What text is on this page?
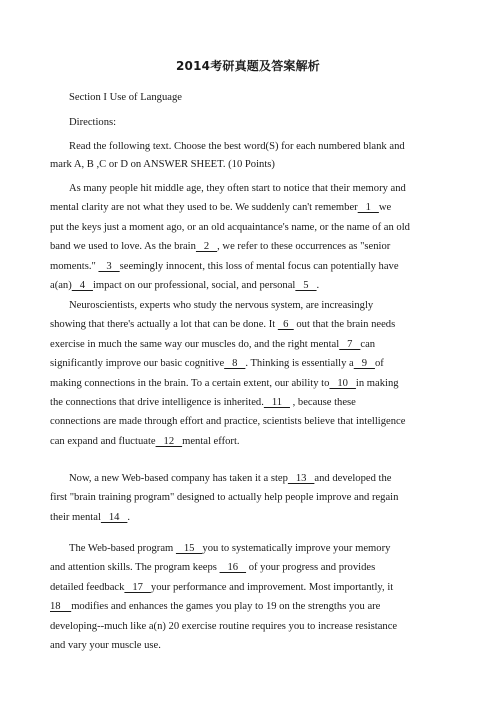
2014考研真题及答案解析
Section I Use of Language
Directions:
Read the following text. Choose the best word(S) for each numbered blank and
mark A, B ,C or D on ANSWER SHEET. (10 Points)
As many people hit middle age, they often start to notice that their memory and
mental clarity are not what they used to be. We suddenly can't remember   1   we
put the keys just a moment ago, or an old acquaintance's name, or the name of an old
band we used to love. As the brain   2   , we refer to these occurrences as "senior
moments."    3   seemingly innocent, this loss of mental focus can potentially have
a(an)   4   impact on our professional, social, and personal   5   .
Neuroscientists, experts who study the nervous system, are increasingly
showing that there's actually a lot that can be done. It   6   out that the brain needs
exercise in much the same way our muscles do, and the right mental   7   can
significantly improve our basic cognitive   8   . Thinking is essentially a   9   of
making connections in the brain. To a certain extent, our ability to   10   in making
the connections that drive intelligence is inherited.   11    , because these
connections are made through effort and practice, scientists believe that intelligence
can expand and fluctuate   12   mental effort.
Now, a new Web-based company has taken it a step   13   and developed the
first "brain training program" designed to actually help people improve and regain
their mental   14   .
The Web-based program    15   you to systematically improve your memory
and attention skills. The program keeps    16    of your progress and provides
detailed feedback   17   your performance and improvement. Most importantly, it
18    modifies and enhances the games you play to 19 on the strengths you are
developing--much like a(n) 20 exercise routine requires you to increase resistance
and vary your muscle use.
